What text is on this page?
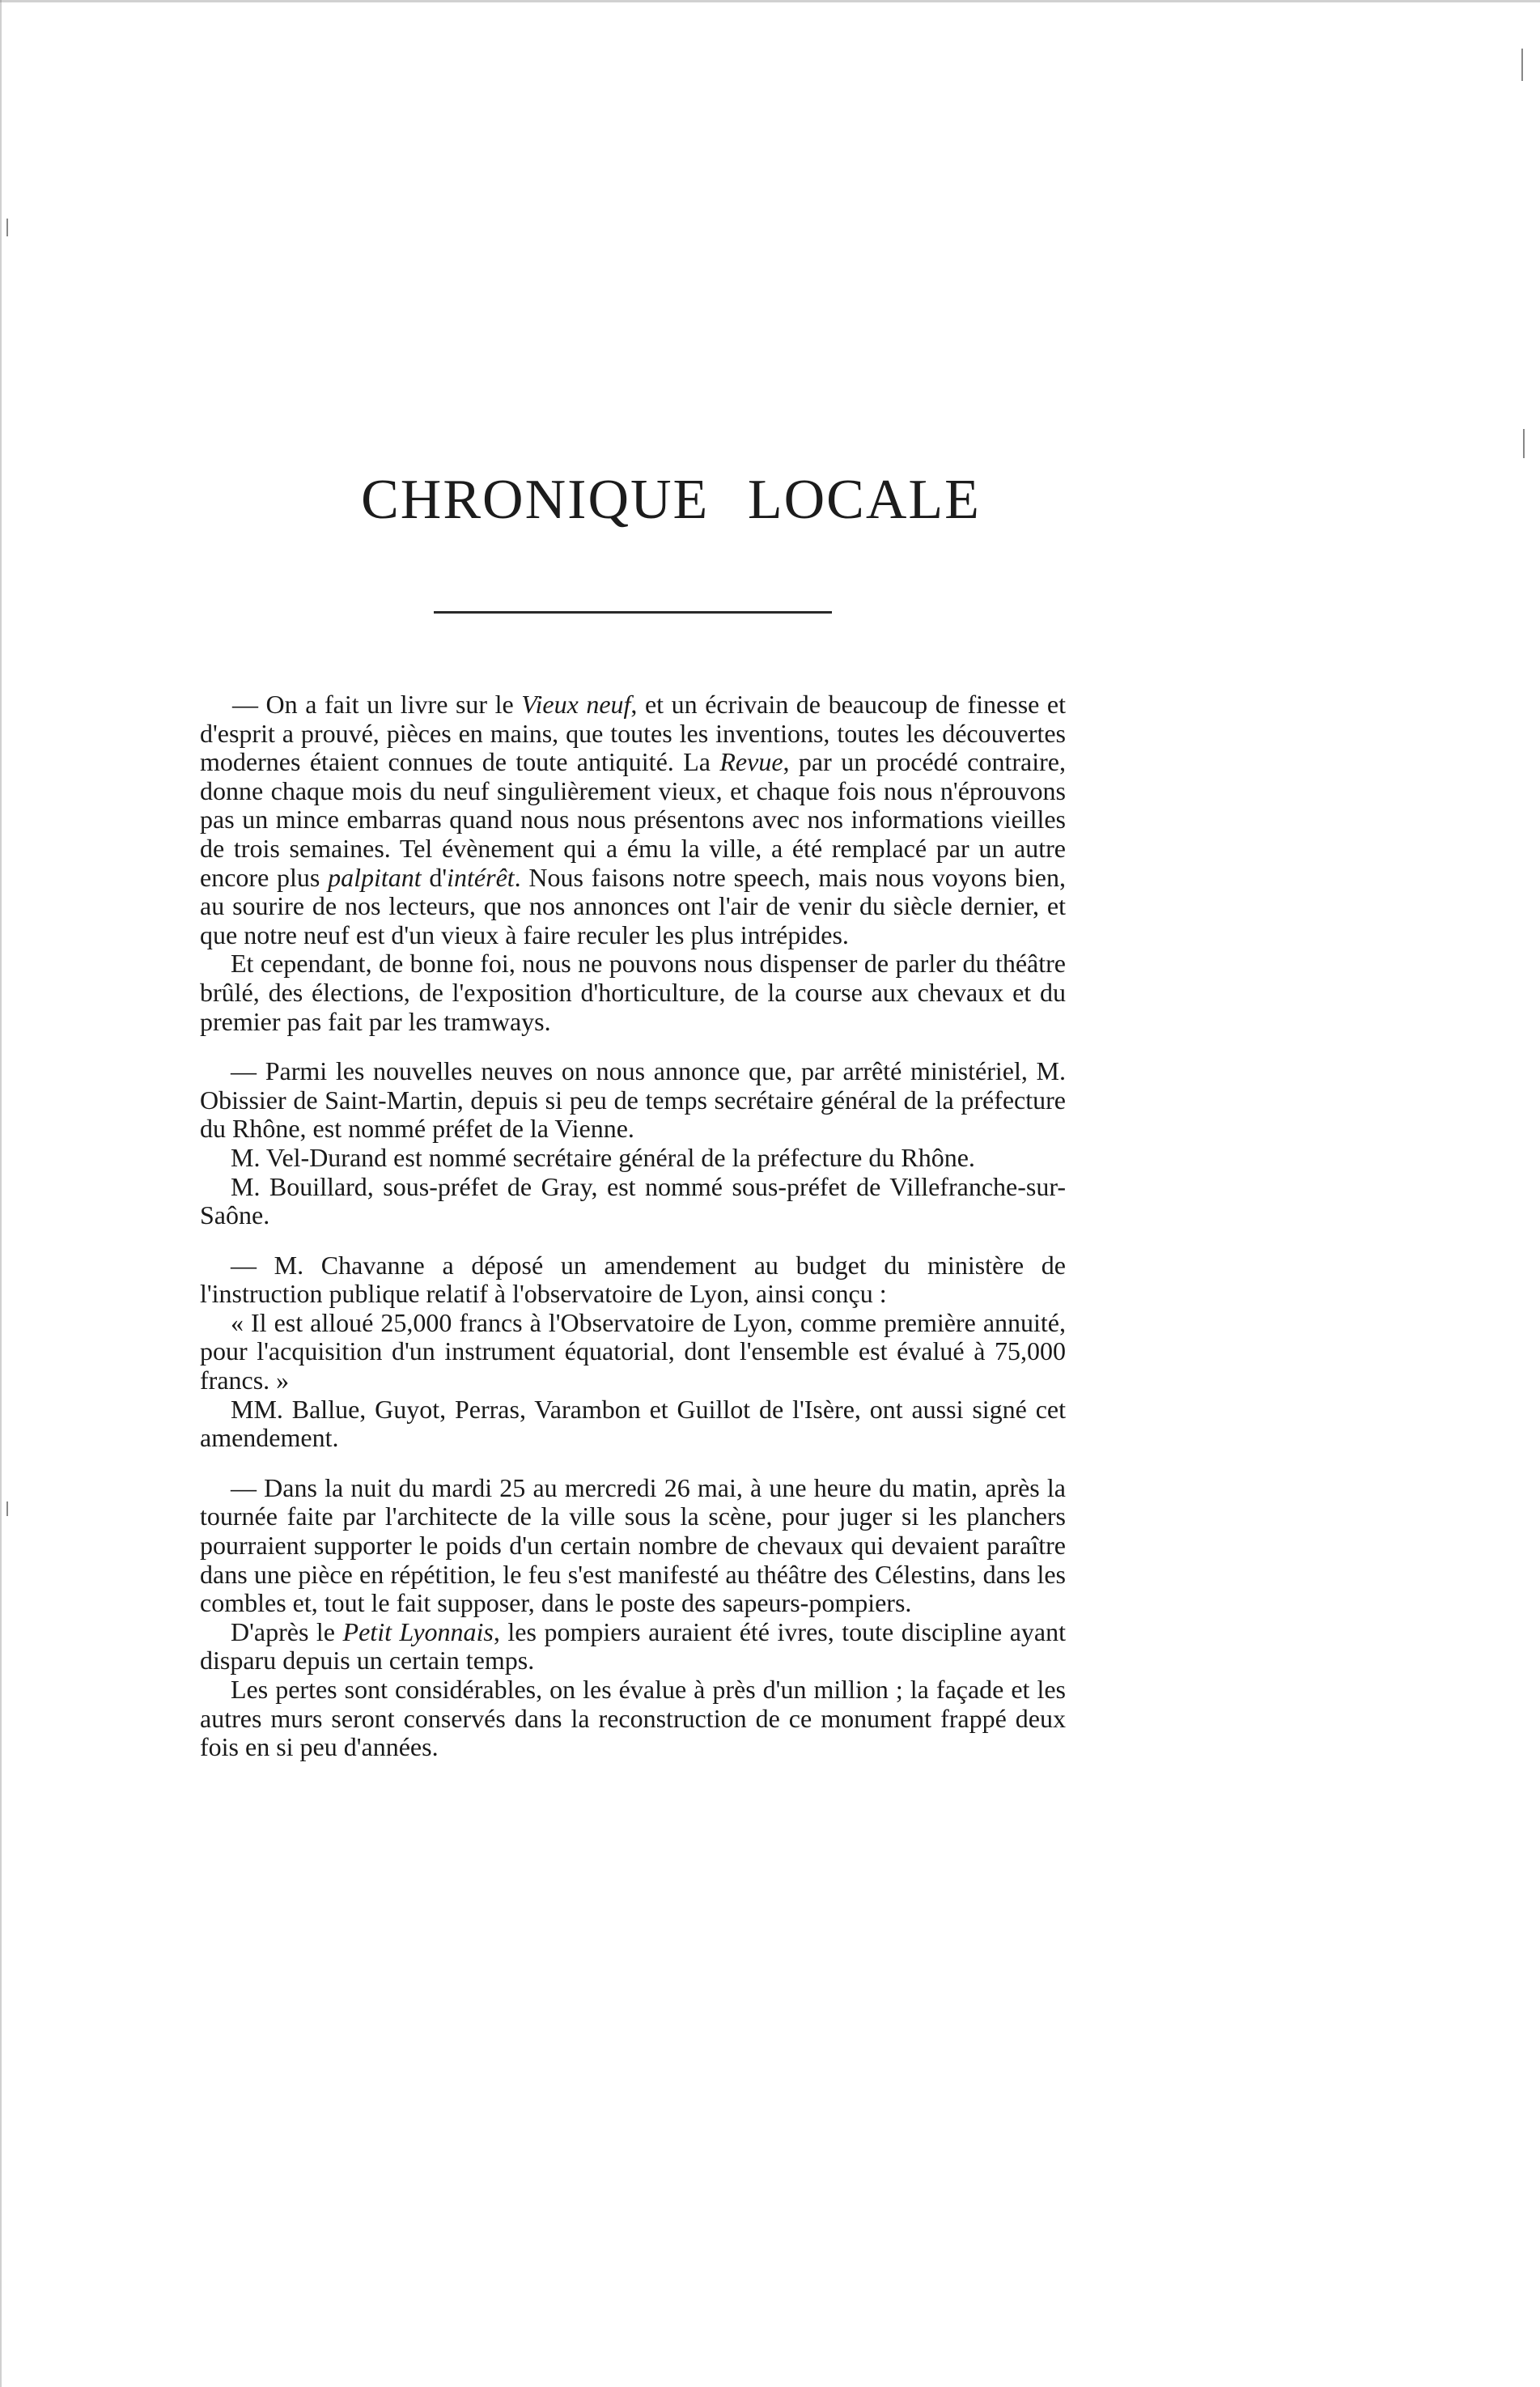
CHRONIQUE LOCALE

— On a fait un livre sur le Vieux neuf, et un écrivain de beaucoup de finesse et d'esprit a prouvé, pièces en mains, que toutes les inventions, toutes les découvertes modernes étaient connues de toute antiquité. La Revue, par un procédé contraire, donne chaque mois du neuf singulièrement vieux, et chaque fois nous n'éprouvons pas un mince embarras quand nous nous présentons avec nos informations vieilles de trois semaines. Tel évènement qui a ému la ville, a été remplacé par un autre encore plus palpitant d'intérêt. Nous faisons notre speech, mais nous voyons bien, au sourire de nos lecteurs, que nos annonces ont l'air de venir du siècle dernier, et que notre neuf est d'un vieux à faire reculer les plus intrépides.

Et cependant, de bonne foi, nous ne pouvons nous dispenser de parler du théâtre brûlé, des élections, de l'exposition d'horticulture, de la course aux chevaux et du premier pas fait par les tramways.

— Parmi les nouvelles neuves on nous annonce que, par arrêté ministériel, M. Obissier de Saint-Martin, depuis si peu de temps secrétaire général de la préfecture du Rhône, est nommé préfet de la Vienne.

M. Vel-Durand est nommé secrétaire général de la préfecture du Rhône.

M. Bouillard, sous-préfet de Gray, est nommé sous-préfet de Villefranche-sur-Saône.

— M. Chavanne a déposé un amendement au budget du ministère de l'instruction publique relatif à l'observatoire de Lyon, ainsi conçu :

« Il est alloué 25,000 francs à l'Observatoire de Lyon, comme première annuité, pour l'acquisition d'un instrument équatorial, dont l'ensemble est évalué à 75,000 francs. »

MM. Ballue, Guyot, Perras, Varambon et Guillot de l'Isère, ont aussi signé cet amendement.

— Dans la nuit du mardi 25 au mercredi 26 mai, à une heure du matin, après la tournée faite par l'architecte de la ville sous la scène, pour juger si les planchers pourraient supporter le poids d'un certain nombre de chevaux qui devaient paraître dans une pièce en répétition, le feu s'est manifesté au théâtre des Célestins, dans les combles et, tout le fait supposer, dans le poste des sapeurs-pompiers.

D'après le Petit Lyonnais, les pompiers auraient été ivres, toute discipline ayant disparu depuis un certain temps.

Les pertes sont considérables, on les évalue à près d'un million ; la façade et les autres murs seront conservés dans la reconstruction de ce monument frappé deux fois en si peu d'années.
